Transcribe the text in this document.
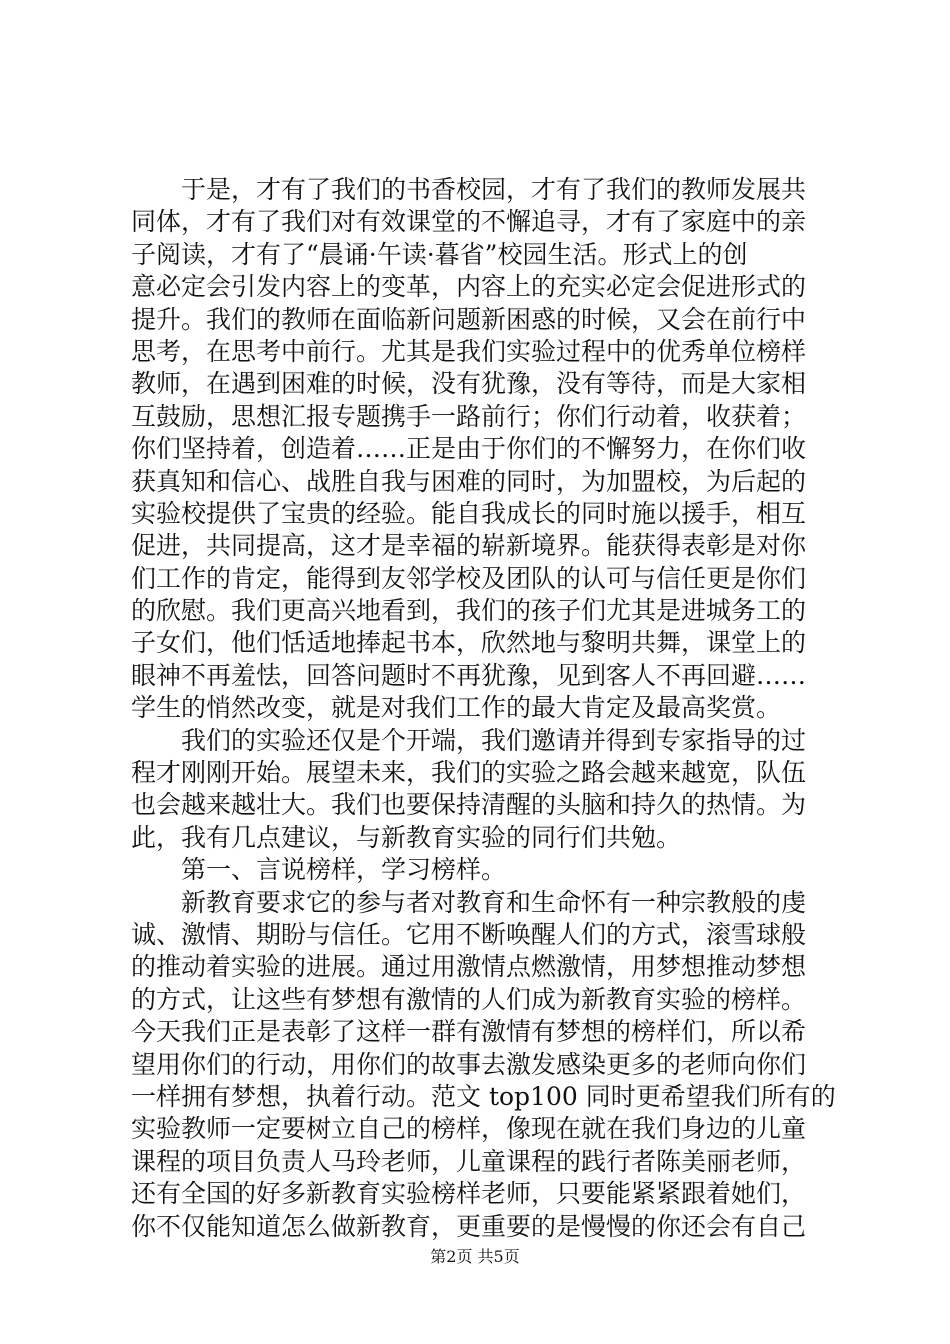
于是，才有了我们的书香校园，才有了我们的教师发展共
同体，才有了我们对有效课堂的不懈追寻，才有了家庭中的亲
子阅读，才有了“晨诵·午读·暮省”校园生活。形式上的创
意必定会引发内容上的变革，内容上的充实必定会促进形式的
提升。我们的教师在面临新问题新困惑的时候，又会在前行中
思考，在思考中前行。尤其是我们实验过程中的优秀单位榜样
教师，在遇到困难的时候，没有犹豫，没有等待，而是大家相
互鼓励，思想汇报专题携手一路前行；你们行动着，收获着；
你们坚持着，创造着……正是由于你们的不懈努力，在你们收
获真知和信心、战胜自我与困难的同时，为加盟校，为后起的
实验校提供了宝贵的经验。能自我成长的同时施以援手，相互
促进，共同提高，这才是幸福的崭新境界。能获得表彰是对你
们工作的肯定，能得到友邻学校及团队的认可与信任更是你们
的欣慰。我们更高兴地看到，我们的孩子们尤其是进城务工的
子女们，他们恬适地捧起书本，欣然地与黎明共舞，课堂上的
眼神不再羞怯，回答问题时不再犹豫，见到客人不再回避……
学生的悄然改变，就是对我们工作的最大肯定及最高奖赏。
我们的实验还仅是个开端，我们邀请并得到专家指导的过
程才刚刚开始。展望未来，我们的实验之路会越来越宽，队伍
也会越来越壮大。我们也要保持清醒的头脑和持久的热情。为
此，我有几点建议，与新教育实验的同行们共勉。
第一、言说榜样，学习榜样。
新教育要求它的参与者对教育和生命怀有一种宗教般的虔
诚、激情、期盼与信任。它用不断唤醒人们的方式，滚雪球般
的推动着实验的进展。通过用激情点燃激情，用梦想推动梦想
的方式，让这些有梦想有激情的人们成为新教育实验的榜样。
今天我们正是表彰了这样一群有激情有梦想的榜样们，所以希
望用你们的行动，用你们的故事去激发感染更多的老师向你们
一样拥有梦想，执着行动。范文 top100 同时更希望我们所有的
实验教师一定要树立自己的榜样，像现在就在我们身边的儿童
课程的项目负责人马玲老师，儿童课程的践行者陈美丽老师，
还有全国的好多新教育实验榜样老师，只要能紧紧跟着她们，
你不仅能知道怎么做新教育，更重要的是慢慢的你还会有自己
第2页 共5页
